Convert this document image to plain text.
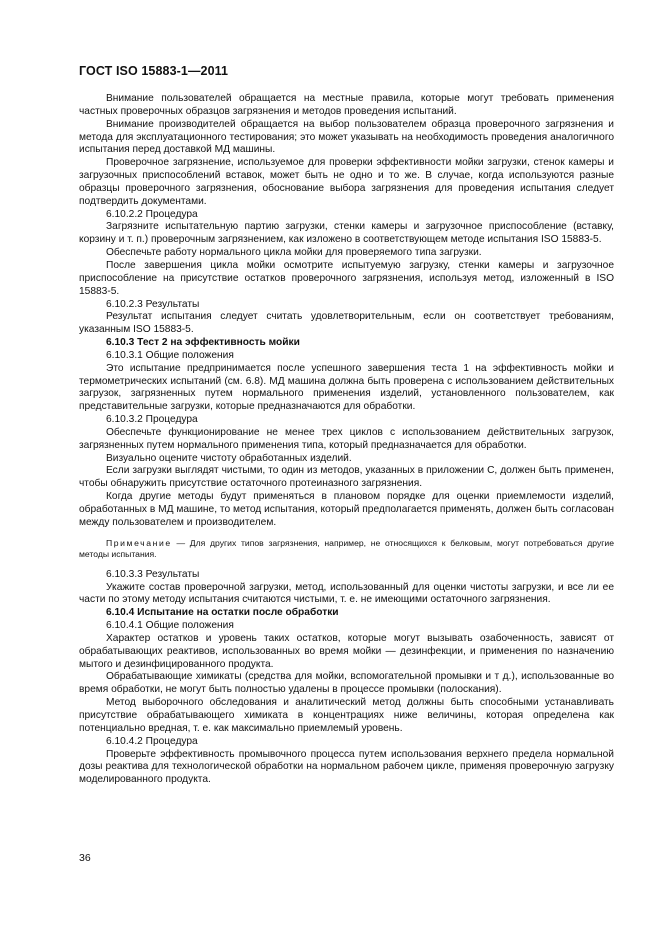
ГОСТ ISO 15883-1—2011

Внимание пользователей обращается на местные правила, которые могут требовать применения частных проверочных образцов загрязнения и методов проведения испытаний.

Внимание производителей обращается на выбор пользователем образца проверочного загрязнения и метода для эксплуатационного тестирования; это может указывать на необходимость проведения аналогичного испытания перед доставкой МД машины.

Проверочное загрязнение, используемое для проверки эффективности мойки загрузки, стенок камеры и загрузочных приспособлений вставок, может быть не одно и то же. В случае, когда используются разные образцы проверочного загрязнения, обоснование выбора загрязнения для проведения испытания следует подтвердить документами.

6.10.2.2 Процедура

Загрязните испытательную партию загрузки, стенки камеры и загрузочное приспособление (вставку, корзину и т. п.) проверочным загрязнением, как изложено в соответствующем методе испытания ISO 15883-5.

Обеспечьте работу нормального цикла мойки для проверяемого типа загрузки.

После завершения цикла мойки осмотрите испытуемую загрузку, стенки камеры и загрузочное приспособление на присутствие остатков проверочного загрязнения, используя метод, изложенный в ISO 15883-5.

6.10.2.3 Результаты

Результат испытания следует считать удовлетворительным, если он соответствует требованиям, указанным ISO 15883-5.

6.10.3 Тест 2 на эффективность мойки

6.10.3.1 Общие положения

Это испытание предпринимается после успешного завершения теста 1 на эффективность мойки и термометрических испытаний (см. 6.8). МД машина должна быть проверена с использованием действительных загрузок, загрязненных путем нормального применения изделий, установленного пользователем, как представительные загрузки, которые предназначаются для обработки.

6.10.3.2 Процедура

Обеспечьте функционирование не менее трех циклов с использованием действительных загрузок, загрязненных путем нормального применения типа, который предназначается для обработки.

Визуально оцените чистоту обработанных изделий.

Если загрузки выглядят чистыми, то один из методов, указанных в приложении C, должен быть применен, чтобы обнаружить присутствие остаточного протеиназного загрязнения.

Когда другие методы будут применяться в плановом порядке для оценки приемлемости изделий, обработанных в МД машине, то метод испытания, который предполагается применять, должен быть согласован между пользователем и производителем.

Примечание — Для других типов загрязнения, например, не относящихся к белковым, могут потребоваться другие методы испытания.

6.10.3.3 Результаты

Укажите состав проверочной загрузки, метод, использованный для оценки чистоты загрузки, и все ли ее части по этому методу испытания считаются чистыми, т. е. не имеющими остаточного загрязнения.

6.10.4 Испытание на остатки после обработки

6.10.4.1 Общие положения

Характер остатков и уровень таких остатков, которые могут вызывать озабоченность, зависят от обрабатывающих реактивов, использованных во время мойки — дезинфекции, и применения по назначению мытого и дезинфицированного продукта.

Обрабатывающие химикаты (средства для мойки, вспомогательной промывки и т д.), использованные во время обработки, не могут быть полностью удалены в процессе промывки (полоскания).

Метод выборочного обследования и аналитический метод должны быть способными устанавливать присутствие обрабатывающего химиката в концентрациях ниже величины, которая определена как потенциально вредная, т. е. как максимально приемлемый уровень.

6.10.4.2 Процедура

Проверьте эффективность промывочного процесса путем использования верхнего предела нормальной дозы реактива для технологической обработки на нормальном рабочем цикле, применяя проверочную загрузку моделированного продукта.

36
